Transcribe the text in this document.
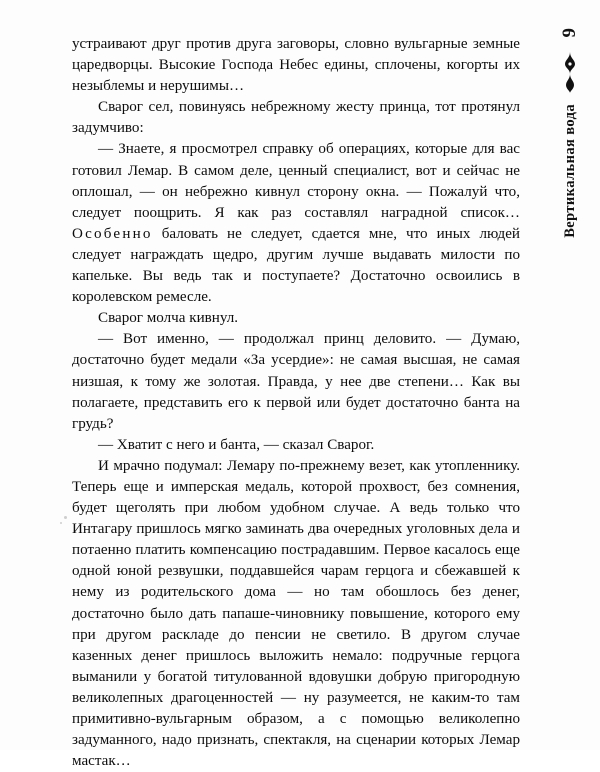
9
Вертикальная вода

устраивают друг против друга заговоры, словно вульгарные земные царедворцы. Высокие Господа Небес едины, сплочены, когорты их незыблемы и нерушимы…

Сварог сел, повинуясь небрежному жесту принца, тот протянул задумчиво:

— Знаете, я просмотрел справку об операциях, которые для вас готовил Лемар. В самом деле, ценный специалист, вот и сейчас не оплошал, — он небрежно кивнул сторону окна. — Пожалуй что, следует поощрить. Я как раз составлял наградной список… Особенно баловать не следует, сдается мне, что иных людей следует награждать щедро, другим лучше выдавать милости по капельке. Вы ведь так и поступаете? Достаточно освоились в королевском ремесле.

Сварог молча кивнул.

— Вот именно, — продолжал принц деловито. — Думаю, достаточно будет медали «За усердие»: не самая высшая, не самая низшая, к тому же золотая. Правда, у нее две степени… Как вы полагаете, представить его к первой или будет достаточно банта на грудь?

— Хватит с него и банта, — сказал Сварог.

И мрачно подумал: Лемару по-прежнему везет, как утопленнику. Теперь еще и имперская медаль, которой прохвост, без сомнения, будет щеголять при любом удобном случае. А ведь только что Интагару пришлось мягко заминать два очередных уголовных дела и потаенно платить компенсацию пострадавшим. Первое касалось еще одной юной резвушки, поддавшейся чарам герцога и сбежавшей к нему из родительского дома — но там обошлось без денег, достаточно было дать папаше-чиновнику повышение, которого ему при другом раскладе до пенсии не светило. В другом случае казенных денег пришлось выложить немало: подручные герцога выманили у богатой титулованной вдовушки добрую пригородную великолепных драгоценностей — ну разумеется, не каким-то там примитивно-вульгарным образом, а с помощью великолепно задуманного, надо признать, спектакля, на сценарии которых Лемар мастак…
